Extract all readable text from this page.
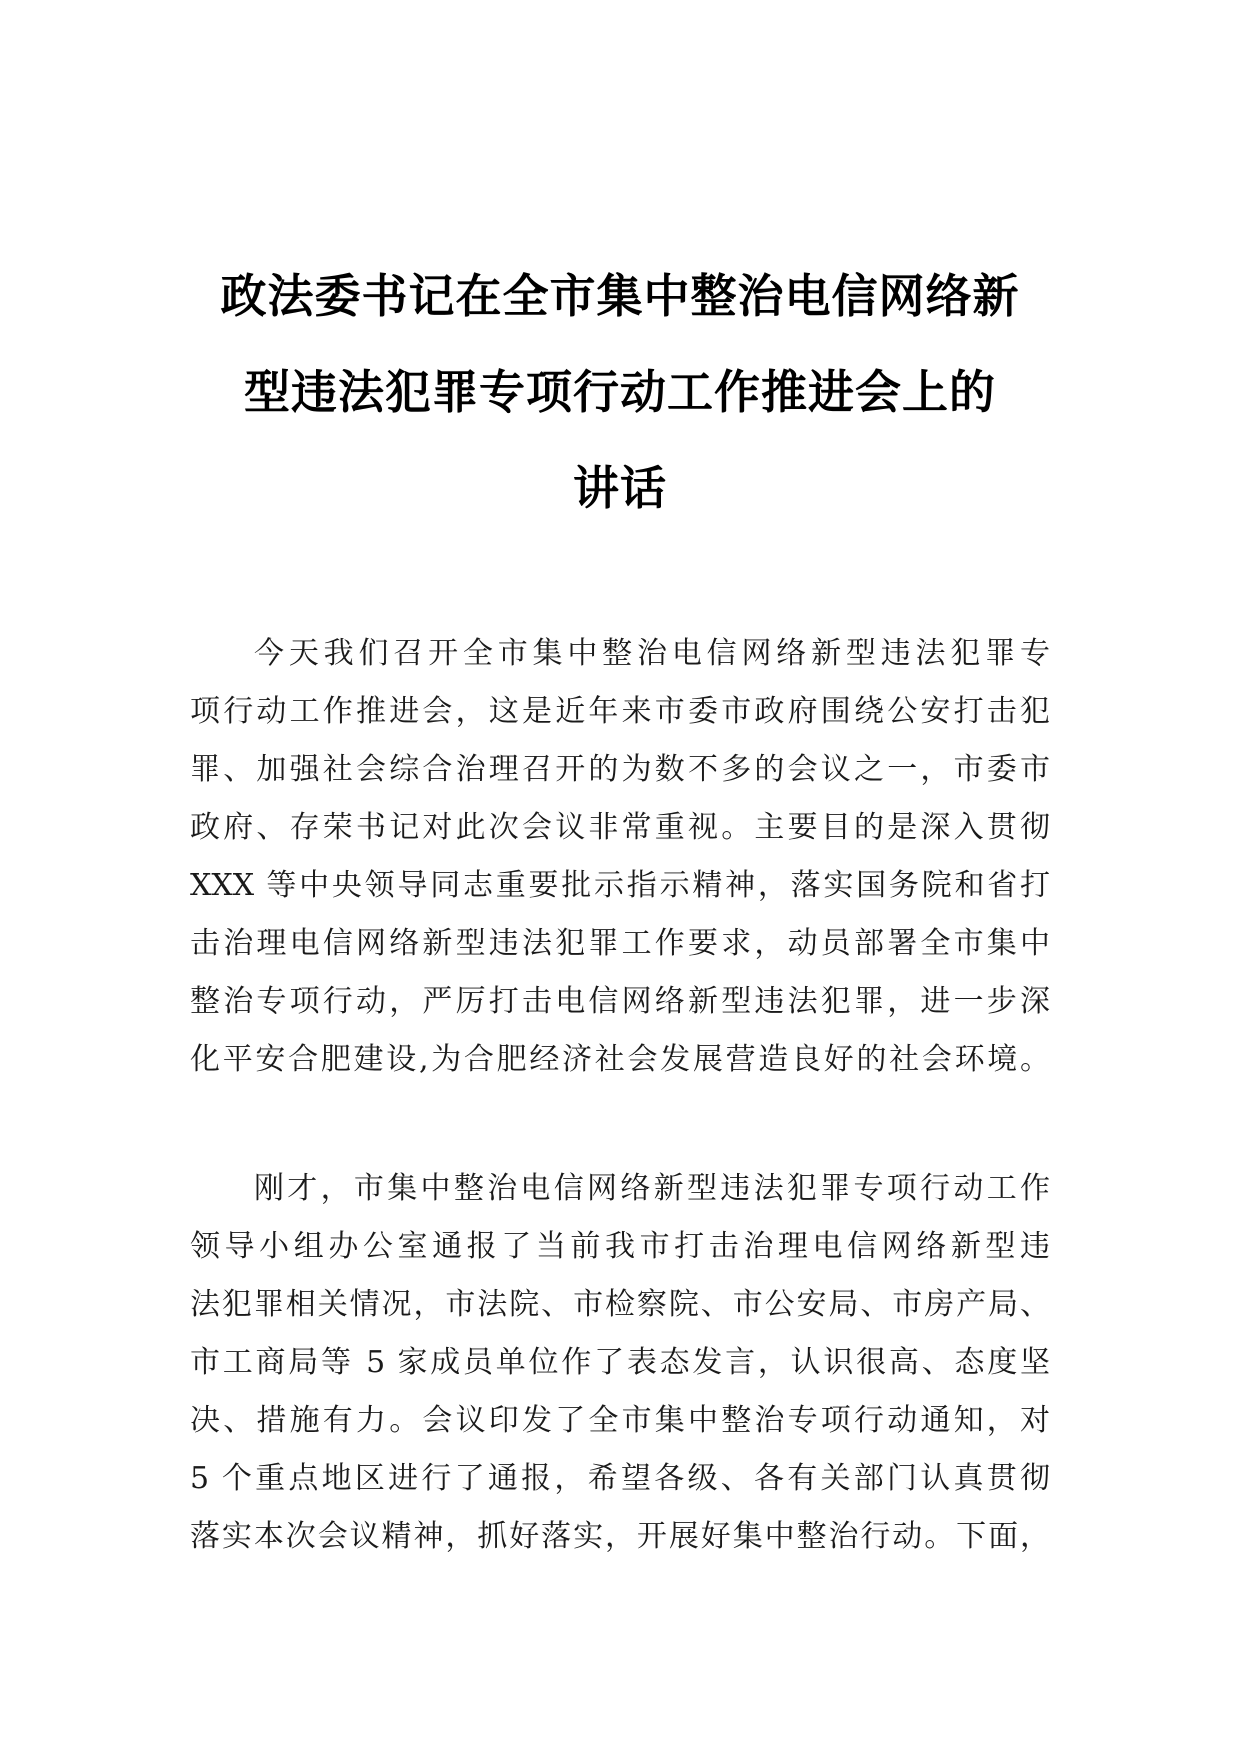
政法委书记在全市集中整治电信网络新
型违法犯罪专项行动工作推进会上的
讲话
今天我们召开全市集中整治电信网络新型违法犯罪专
项行动工作推进会，这是近年来市委市政府围绕公安打击犯
罪、加强社会综合治理召开的为数不多的会议之一，市委市
政府、存荣书记对此次会议非常重视。主要目的是深入贯彻
XXX 等中央领导同志重要批示指示精神，落实国务院和省打
击治理电信网络新型违法犯罪工作要求，动员部署全市集中
整治专项行动，严厉打击电信网络新型违法犯罪，进一步深
化平安合肥建设,为合肥经济社会发展营造良好的社会环境。
刚才，市集中整治电信网络新型违法犯罪专项行动工作
领导小组办公室通报了当前我市打击治理电信网络新型违
法犯罪相关情况，市法院、市检察院、市公安局、市房产局、
市工商局等 5 家成员单位作了表态发言，认识很高、态度坚
决、措施有力。会议印发了全市集中整治专项行动通知，对
5 个重点地区进行了通报，希望各级、各有关部门认真贯彻
落实本次会议精神，抓好落实，开展好集中整治行动。下面，
